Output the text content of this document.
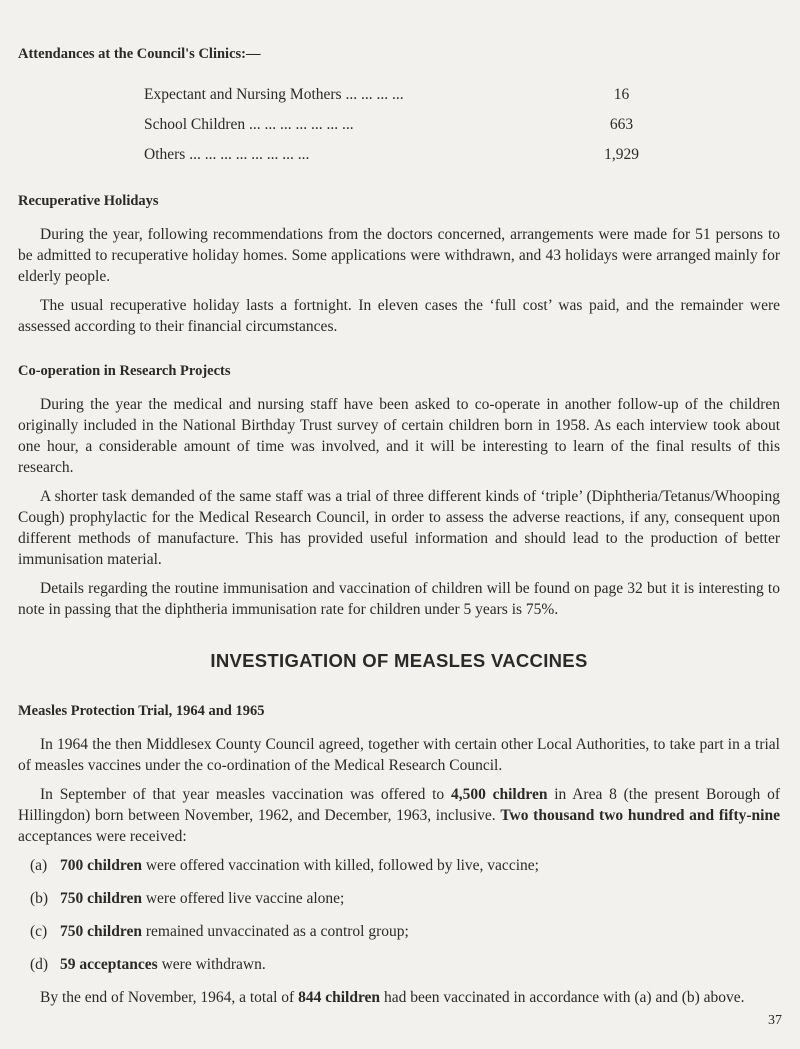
Attendances at the Council's Clinics:—
Expectant and Nursing Mothers ... ... ... ...	16
School Children ... ... ... ... ... ... ...	663
Others ... ... ... ... ... ... ... ...	1,929
Recuperative Holidays

During the year, following recommendations from the doctors concerned, arrangements were made for 51 persons to be admitted to recuperative holiday homes. Some applications were withdrawn, and 43 holidays were arranged mainly for elderly people.

The usual recuperative holiday lasts a fortnight. In eleven cases the ‘full cost’ was paid, and the remainder were assessed according to their financial circumstances.

Co-operation in Research Projects

During the year the medical and nursing staff have been asked to co-operate in another follow-up of the children originally included in the National Birthday Trust survey of certain children born in 1958. As each interview took about one hour, a considerable amount of time was involved, and it will be interesting to learn of the final results of this research.

A shorter task demanded of the same staff was a trial of three different kinds of ‘triple’ (Diphtheria/Tetanus/Whooping Cough) prophylactic for the Medical Research Council, in order to assess the adverse reactions, if any, consequent upon different methods of manufacture. This has provided useful information and should lead to the production of better immunisation material.

Details regarding the routine immunisation and vaccination of children will be found on page 32 but it is interesting to note in passing that the diphtheria immunisation rate for children under 5 years is 75%.

INVESTIGATION OF MEASLES VACCINES
Measles Protection Trial, 1964 and 1965

In 1964 the then Middlesex County Council agreed, together with certain other Local Authorities, to take part in a trial of measles vaccines under the co-ordination of the Medical Research Council.

In September of that year measles vaccination was offered to 4,500 children in Area 8 (the present Borough of Hillingdon) born between November, 1962, and December, 1963, inclusive. Two thousand two hundred and fifty-nine acceptances were received:

(a) 700 children were offered vaccination with killed, followed by live, vaccine;
(b) 750 children were offered live vaccine alone;
(c) 750 children remained unvaccinated as a control group;
(d) 59 acceptances were withdrawn.

By the end of November, 1964, a total of 844 children had been vaccinated in accordance with (a) and (b) above.

37
